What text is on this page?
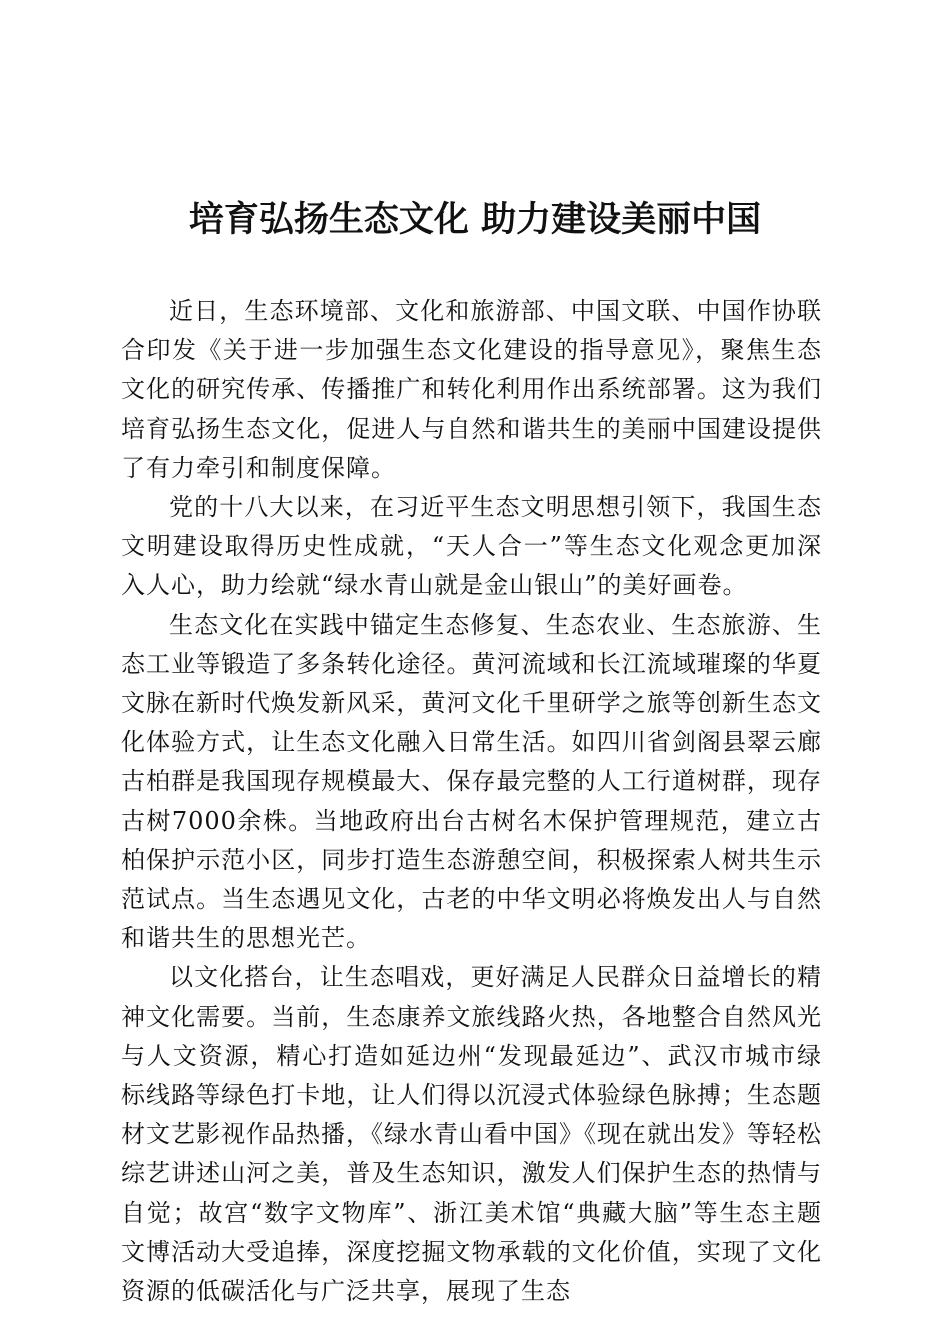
培育弘扬生态文化 助力建设美丽中国

近日，生态环境部、文化和旅游部、中国文联、中国作协联合印发《关于进一步加强生态文化建设的指导意见》，聚焦生态文化的研究传承、传播推广和转化利用作出系统部署。这为我们培育弘扬生态文化，促进人与自然和谐共生的美丽中国建设提供了有力牵引和制度保障。

党的十八大以来，在习近平生态文明思想引领下，我国生态文明建设取得历史性成就，“天人合一”等生态文化观念更加深入人心，助力绘就“绿水青山就是金山银山”的美好画卷。

生态文化在实践中锚定生态修复、生态农业、生态旅游、生态工业等锻造了多条转化途径。黄河流域和长江流域璀璨的华夏文脉在新时代焕发新风采，黄河文化千里研学之旅等创新生态文化体验方式，让生态文化融入日常生活。如四川省剑阁县翠云廊古柏群是我国现存规模最大、保存最完整的人工行道树群，现存古树7000余株。当地政府出台古树名木保护管理规范，建立古柏保护示范小区，同步打造生态游憩空间，积极探索人树共生示范试点。当生态遇见文化，古老的中华文明必将焕发出人与自然和谐共生的思想光芒。

以文化搭台，让生态唱戏，更好满足人民群众日益增长的精神文化需要。当前，生态康养文旅线路火热，各地整合自然风光与人文资源，精心打造如延边州“发现最延边”、武汉市城市绿标线路等绿色打卡地，让人们得以沉浸式体验绿色脉搏；生态题材文艺影视作品热播，《绿水青山看中国》《现在就出发》等轻松综艺讲述山河之美，普及生态知识，激发人们保护生态的热情与自觉；故宫“数字文物库”、浙江美术馆“典藏大脑”等生态主题文博活动大受追捧，深度挖掘文物承载的文化价值，实现了文化资源的低碳活化与广泛共享，展现了生态
